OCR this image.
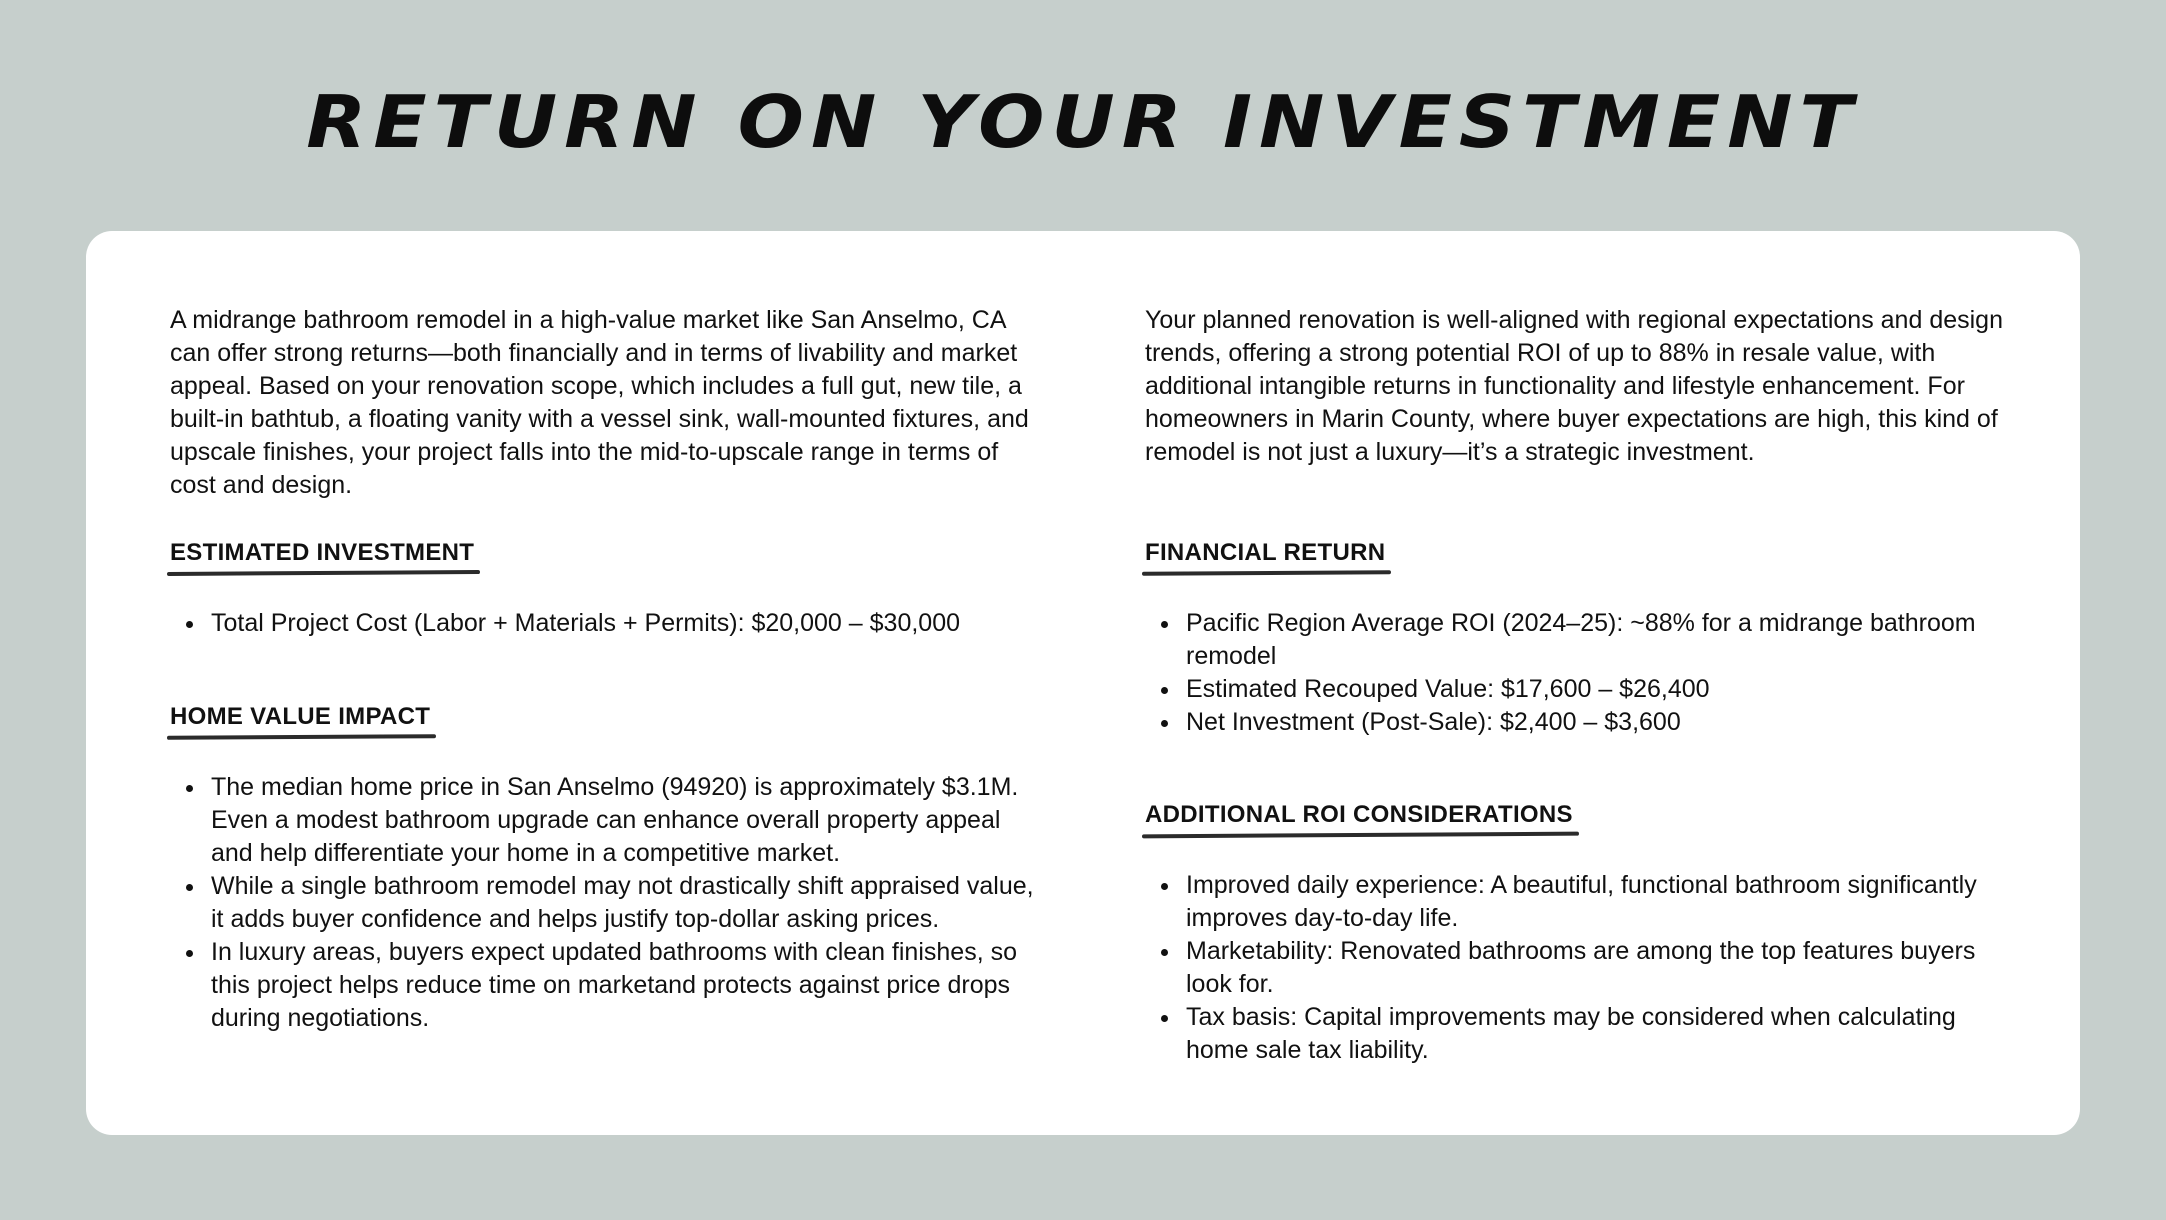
RETURN ON YOUR INVESTMENT

A midrange bathroom remodel in a high-value market like San Anselmo, CA can offer strong returns—both financially and in terms of livability and market appeal. Based on your renovation scope, which includes a full gut, new tile, a built-in bathtub, a floating vanity with a vessel sink, wall-mounted fixtures, and upscale finishes, your project falls into the mid-to-upscale range in terms of cost and design.

ESTIMATED INVESTMENT
Total Project Cost (Labor + Materials + Permits): $20,000 – $30,000
HOME VALUE IMPACT
The median home price in San Anselmo (94920) is approximately $3.1M. Even a modest bathroom upgrade can enhance overall property appeal and help differentiate your home in a competitive market.
While a single bathroom remodel may not drastically shift appraised value, it adds buyer confidence and helps justify top-dollar asking prices.
In luxury areas, buyers expect updated bathrooms with clean finishes, so this project helps reduce time on marketand protects against price drops during negotiations.

Your planned renovation is well-aligned with regional expectations and design trends, offering a strong potential ROI of up to 88% in resale value, with additional intangible returns in functionality and lifestyle enhancement. For homeowners in Marin County, where buyer expectations are high, this kind of remodel is not just a luxury—it’s a strategic investment.

FINANCIAL RETURN
Pacific Region Average ROI (2024–25): ~88% for a midrange bathroom remodel
Estimated Recouped Value: $17,600 – $26,400
Net Investment (Post-Sale): $2,400 – $3,600
ADDITIONAL ROI CONSIDERATIONS
Improved daily experience: A beautiful, functional bathroom significantly improves day-to-day life.
Marketability: Renovated bathrooms are among the top features buyers look for.
Tax basis: Capital improvements may be considered when calculating home sale tax liability.
